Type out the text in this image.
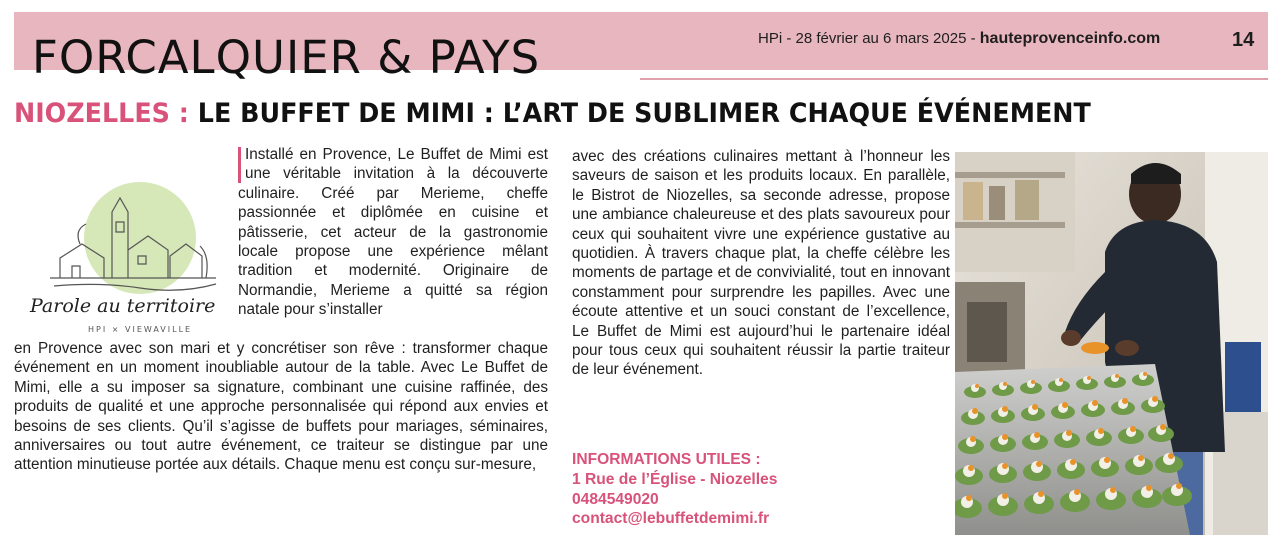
FORCALQUIER & PAYS	HPi - 28 février au 6 mars 2025 - hauteprovenceinfo.com	14
NIOZELLES : LE BUFFET DE MIMI : L’ART DE SUBLIMER CHAQUE ÉVÉNEMENT
Parole au territoire
HPI × VIEWAVILLE

Installé en Provence, Le Buffet de Mimi est une véritable invitation à la découverte culinaire. Créé par Merieme, cheffe passionnée et diplômée en cuisine et pâtisserie, cet acteur de la gastronomie locale propose une expérience mêlant tradition et modernité. Originaire de Normandie, Merieme a quitté sa région natale pour s’installer

en Provence avec son mari et y concrétiser son rêve : transformer chaque événement en un moment inoubliable autour de la table. Avec Le Buffet de Mimi, elle a su imposer sa signature, combinant une cuisine raffinée, des produits de qualité et une approche personnalisée qui répond aux envies et besoins de ses clients. Qu’il s’agisse de buffets pour mariages, séminaires, anniversaires ou tout autre événement, ce traiteur se distingue par une attention minutieuse portée aux détails. Chaque menu est conçu sur-mesure,

avec des créations culinaires mettant à l’honneur les saveurs de saison et les produits locaux. En parallèle, le Bistrot de Niozelles, sa seconde adresse, propose une ambiance chaleureuse et des plats savoureux pour ceux qui souhaitent vivre une expérience gustative au quotidien. À travers chaque plat, la cheffe célèbre les moments de partage et de convivialité, tout en innovant constamment pour surprendre les papilles. Avec une écoute attentive et un souci constant de l’excellence, Le Buffet de Mimi est aujourd’hui le partenaire idéal pour tous ceux qui souhaitent réussir la partie traiteur de leur événement.

INFORMATIONS UTILES :
1 Rue de l’Église - Niozelles
0484549020
contact@lebuffetdemimi.fr
